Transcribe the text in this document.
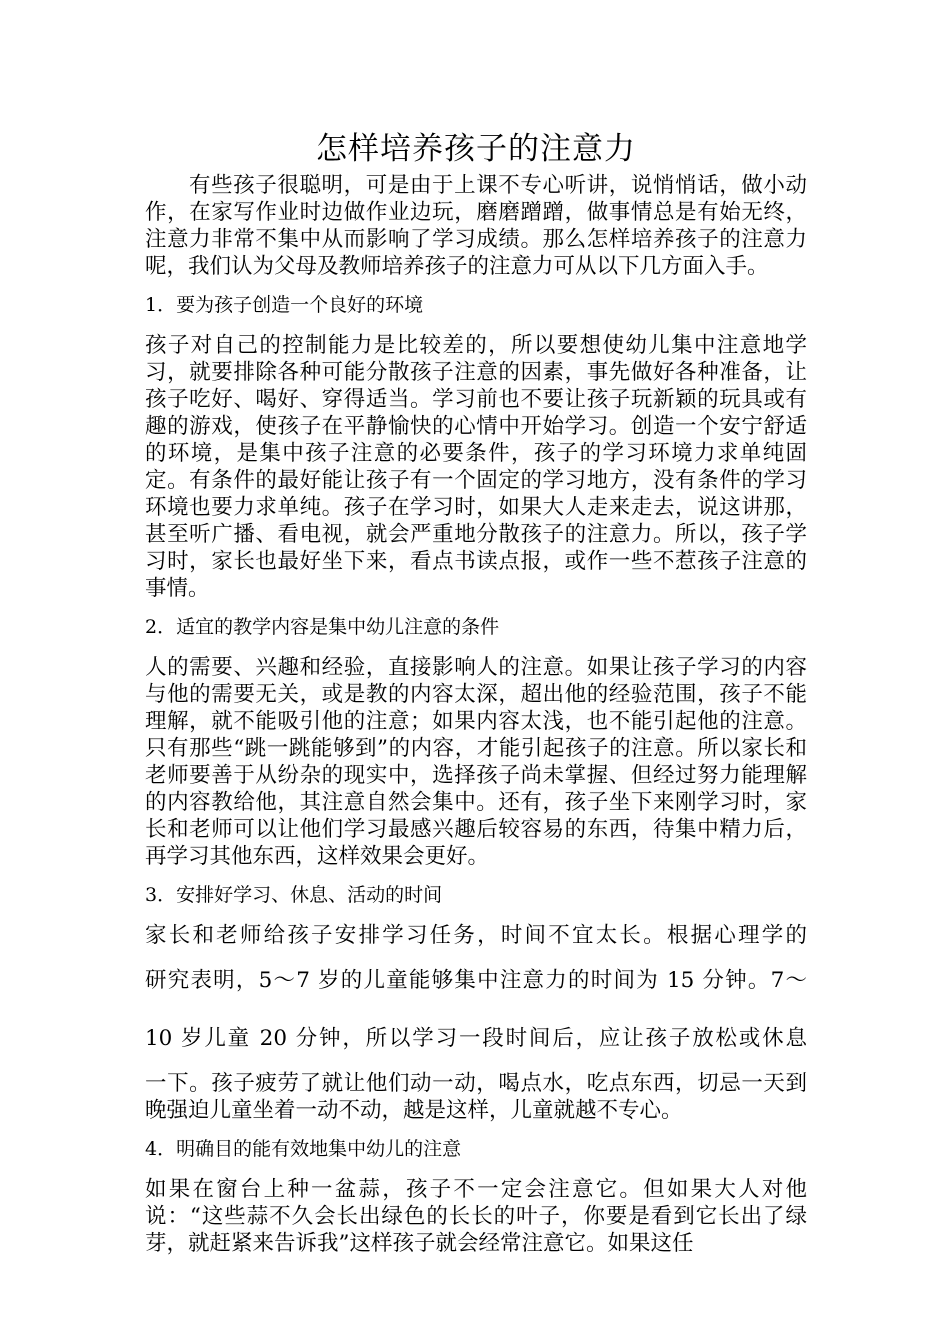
怎样培养孩子的注意力

有些孩子很聪明，可是由于上课不专心听讲，说悄悄话，做小动作，在家写作业时边做作业边玩，磨磨蹭蹭，做事情总是有始无终，注意力非常不集中从而影响了学习成绩。那么怎样培养孩子的注意力呢，我们认为父母及教师培养孩子的注意力可从以下几方面入手。

1．要为孩子创造一个良好的环境

孩子对自己的控制能力是比较差的，所以要想使幼儿集中注意地学习，就要排除各种可能分散孩子注意的因素，事先做好各种准备，让孩子吃好、喝好、穿得适当。学习前也不要让孩子玩新颖的玩具或有趣的游戏，使孩子在平静愉快的心情中开始学习。创造一个安宁舒适的环境，是集中孩子注意的必要条件，孩子的学习环境力求单纯固定。有条件的最好能让孩子有一个固定的学习地方，没有条件的学习环境也要力求单纯。孩子在学习时，如果大人走来走去，说这讲那，甚至听广播、看电视，就会严重地分散孩子的注意力。所以，孩子学习时，家长也最好坐下来，看点书读点报，或作一些不惹孩子注意的事情。

2．适宜的教学内容是集中幼儿注意的条件

人的需要、兴趣和经验，直接影响人的注意。如果让孩子学习的内容与他的需要无关，或是教的内容太深，超出他的经验范围，孩子不能理解，就不能吸引他的注意；如果内容太浅，也不能引起他的注意。只有那些“跳一跳能够到”的内容，才能引起孩子的注意。所以家长和老师要善于从纷杂的现实中，选择孩子尚未掌握、但经过努力能理解的内容教给他，其注意自然会集中。还有，孩子坐下来刚学习时，家长和老师可以让他们学习最感兴趣后较容易的东西，待集中精力后，再学习其他东西，这样效果会更好。

3．安排好学习、休息、活动的时间

家长和老师给孩子安排学习任务，时间不宜太长。根据心理学的

研究表明，5～7 岁的儿童能够集中注意力的时间为 15 分钟。7～

10 岁儿童 20 分钟，所以学习一段时间后，应让孩子放松或休息

一下。孩子疲劳了就让他们动一动，喝点水，吃点东西，切忌一天到晚强迫儿童坐着一动不动，越是这样，儿童就越不专心。

4．明确目的能有效地集中幼儿的注意

如果在窗台上种一盆蒜，孩子不一定会注意它。但如果大人对他说：“这些蒜不久会长出绿色的长长的叶子，你要是看到它长出了绿芽，就赶紧来告诉我”这样孩子就会经常注意它。如果这任
